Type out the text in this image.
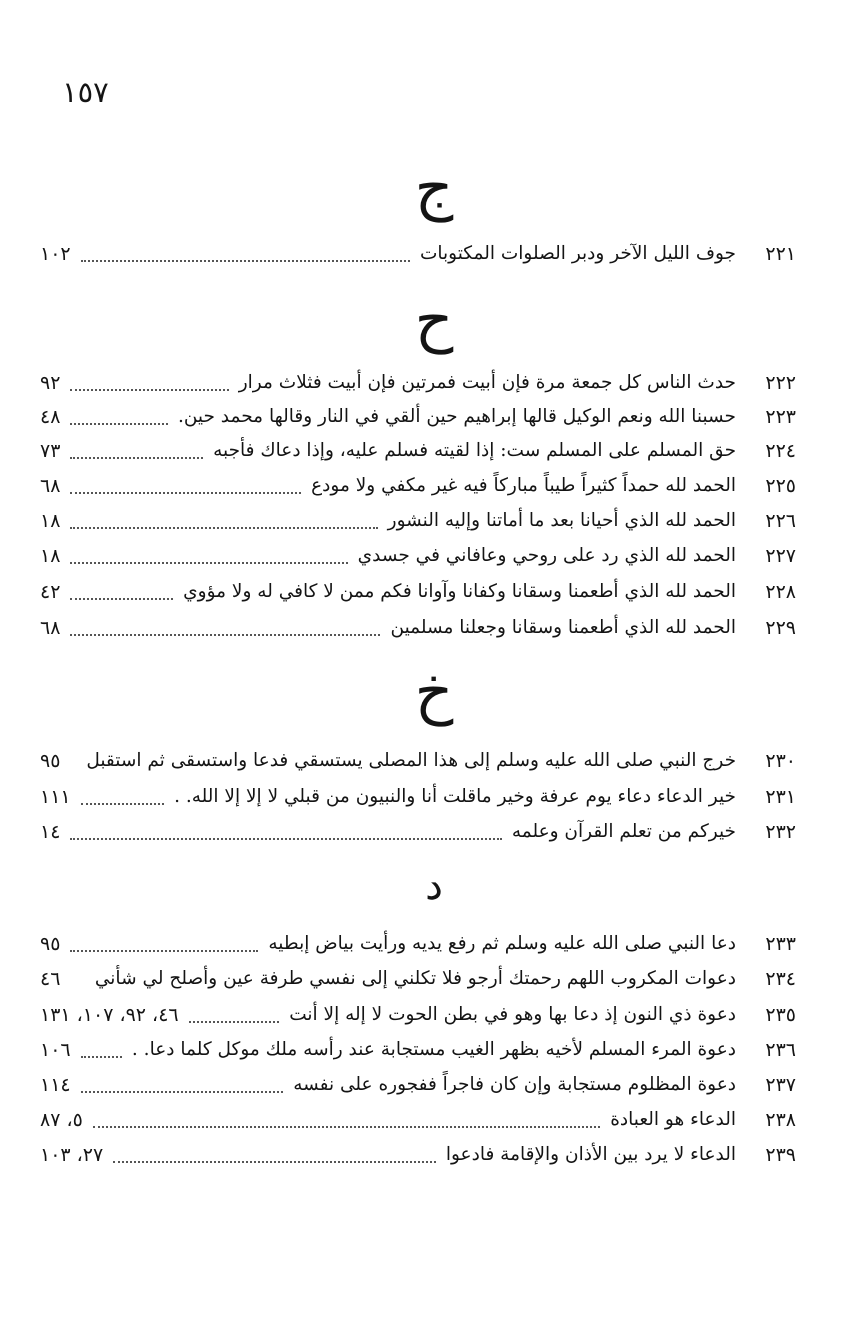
١٥٧
ج
٢٢١
جوف الليل الآخر ودبر الصلوات المكتوبات
١٠٢
ح
٢٢٢
حدث الناس كل جمعة مرة فإن أبيت فمرتين فإن أبيت فثلاث مرار
٩٢
٢٢٣
حسبنا الله ونعم الوكيل قالها إبراهيم حين ألقي في النار وقالها محمد حين.
٤٨
٢٢٤
حق المسلم على المسلم ست: إذا لقيته فسلم عليه، وإذا دعاك فأجبه
٧٣
٢٢٥
الحمد لله حمداً كثيراً طيباً مباركاً فيه غير مكفي ولا مودع
٦٨
٢٢٦
الحمد لله الذي أحيانا بعد ما أماتنا وإليه النشور
١٨
٢٢٧
الحمد لله الذي رد على روحي وعافاني في جسدي
١٨
٢٢٨
الحمد لله الذي أطعمنا وسقانا وكفانا وآوانا فكم ممن لا كافي له ولا مؤوي
٤٢
٢٢٩
الحمد لله الذي أطعمنا وسقانا وجعلنا مسلمين
٦٨
خ
٢٣٠
خرج النبي صلى الله عليه وسلم إلى هذا المصلى يستسقي فدعا واستسقى ثم استقبل
٩٥
٢٣١
خير الدعاء دعاء يوم عرفة وخير ماقلت أنا والنبيون من قبلي لا إلا إلا الله. .
١١١
٢٣٢
خيركم من تعلم القرآن وعلمه
١٤
د
٢٣٣
دعا النبي صلى الله عليه وسلم ثم رفع يديه ورأيت بياض إبطيه
٩٥
٢٣٤
دعوات المكروب اللهم رحمتك أرجو فلا تكلني إلى نفسي طرفة عين وأصلح لي شأني
٤٦
٢٣٥
دعوة ذي النون إذ دعا بها وهو في بطن الحوت لا إله إلا أنت
٤٦، ٩٢، ١٠٧، ١٣١
٢٣٦
دعوة المرء المسلم لأخيه بظهر الغيب مستجابة عند رأسه ملك موكل كلما دعا. .
١٠٦
٢٣٧
دعوة المظلوم مستجابة وإن كان فاجراً ففجوره على نفسه
١١٤
٢٣٨
الدعاء هو العبادة
٥، ٨٧
٢٣٩
الدعاء لا يرد بين الأذان والإقامة فادعوا
٢٧، ١٠٣
